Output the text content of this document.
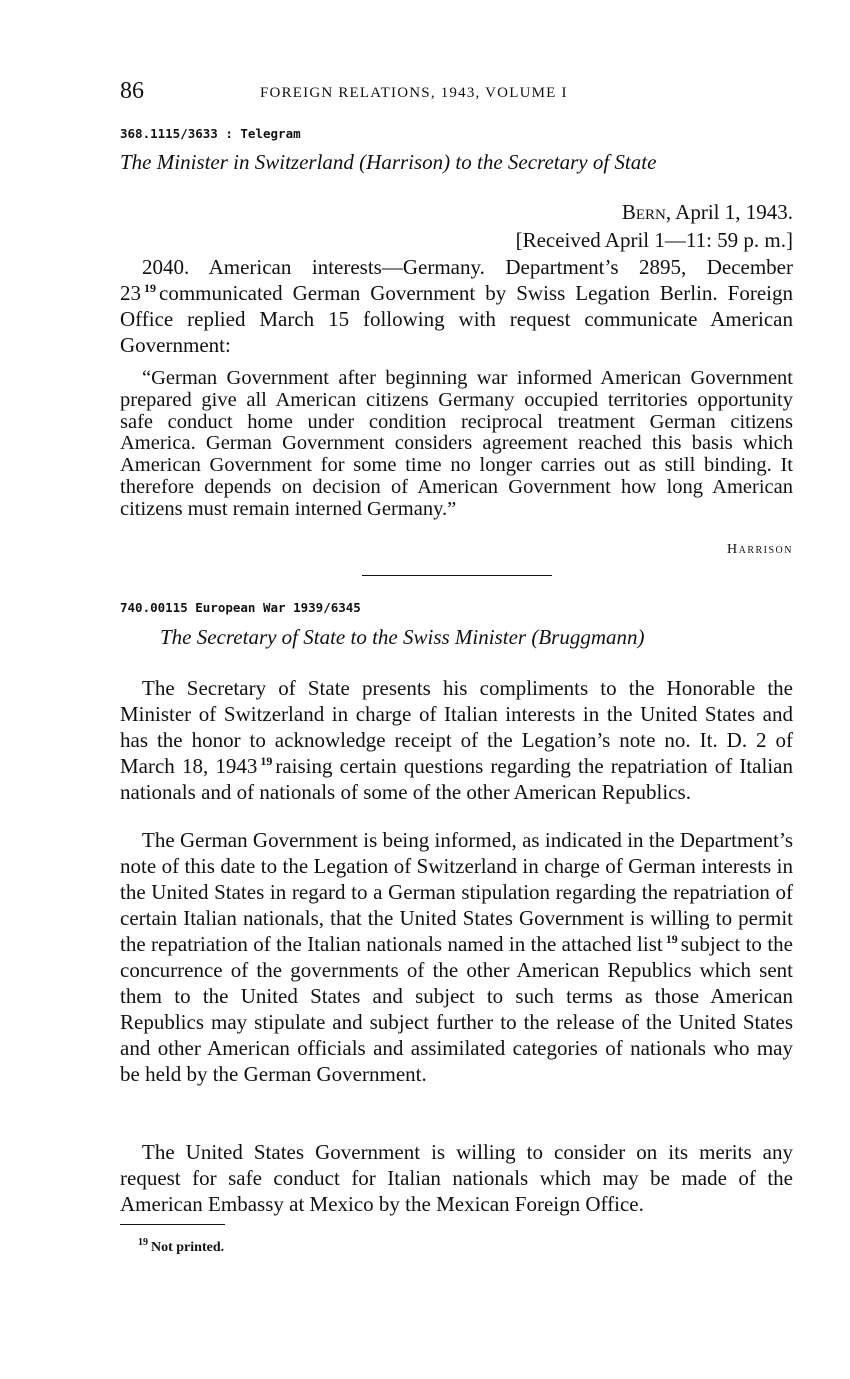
86	FOREIGN RELATIONS, 1943, VOLUME I
368.1115/3633 : Telegram
The Minister in Switzerland (Harrison) to the Secretary of State
Bern, April 1, 1943.
[Received April 1—11: 59 p. m.]

2040. American interests—Germany. Department’s 2895, December 23 $^{19}$ communicated German Government by Swiss Legation Berlin. Foreign Office replied March 15 following with request communicate American Government:

“German Government after beginning war informed American Government prepared give all American citizens Germany occupied territories opportunity safe conduct home under condition reciprocal treatment German citizens America. German Government considers agreement reached this basis which American Government for some time no longer carries out as still binding. It therefore depends on decision of American Government how long American citizens must remain interned Germany.”

Harrison
740.00115 European War 1939/6345
The Secretary of State to the Swiss Minister (Bruggmann)

The Secretary of State presents his compliments to the Honorable the Minister of Switzerland in charge of Italian interests in the United States and has the honor to acknowledge receipt of the Legation’s note no. It. D. 2 of March 18, 1943 $^{19}$ raising certain questions regarding the repatriation of Italian nationals and of nationals of some of the other American Republics.

The German Government is being informed, as indicated in the Department’s note of this date to the Legation of Switzerland in charge of German interests in the United States in regard to a German stipulation regarding the repatriation of certain Italian nationals, that the United States Government is willing to permit the repatriation of the Italian nationals named in the attached list $^{19}$ subject to the concurrence of the governments of the other American Republics which sent them to the United States and subject to such terms as those American Republics may stipulate and subject further to the release of the United States and other American officials and assimilated categories of nationals who may be held by the German Government.

The United States Government is willing to consider on its merits any request for safe conduct for Italian nationals which may be made of the American Embassy at Mexico by the Mexican Foreign Office.

$^{19}$ Not printed.
